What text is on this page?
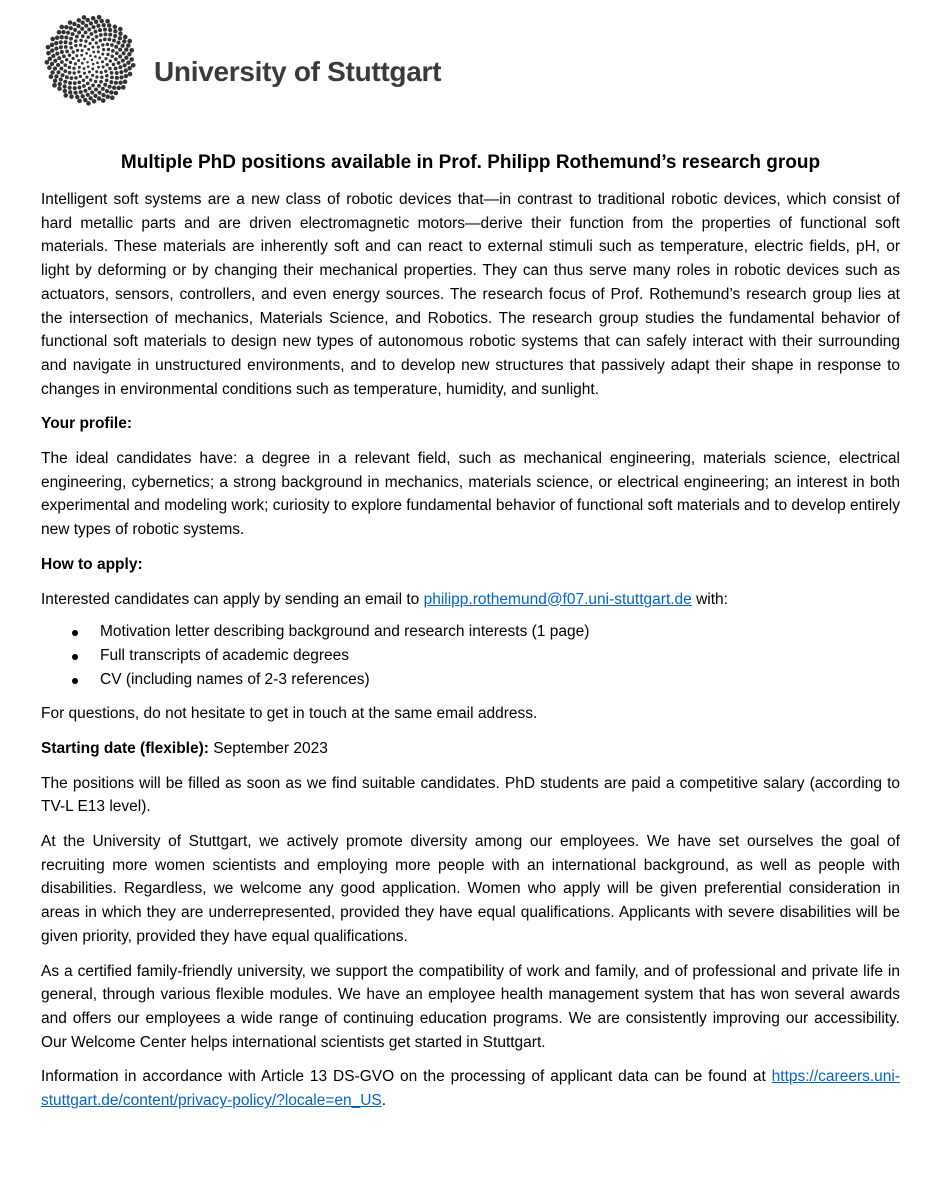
University of Stuttgart
Multiple PhD positions available in Prof. Philipp Rothemund’s research group

Intelligent soft systems are a new class of robotic devices that—in contrast to traditional robotic devices, which consist of hard metallic parts and are driven electromagnetic motors—derive their function from the properties of functional soft materials. These materials are inherently soft and can react to external stimuli such as temperature, electric fields, pH, or light by deforming or by changing their mechanical properties. They can thus serve many roles in robotic devices such as actuators, sensors, controllers, and even energy sources. The research focus of Prof. Rothemund’s research group lies at the intersection of mechanics, Materials Science, and Robotics. The research group studies the fundamental behavior of functional soft materials to design new types of autonomous robotic systems that can safely interact with their surrounding and navigate in unstructured environments, and to develop new structures that passively adapt their shape in response to changes in environmental conditions such as temperature, humidity, and sunlight.

Your profile:

The ideal candidates have: a degree in a relevant field, such as mechanical engineering, materials science, electrical engineering, cybernetics; a strong background in mechanics, materials science, or electrical engineering; an interest in both experimental and modeling work; curiosity to explore fundamental behavior of functional soft materials and to develop entirely new types of robotic systems.

How to apply:

Interested candidates can apply by sending an email to philipp.rothemund@f07.uni-stuttgart.de with:

Motivation letter describing background and research interests (1 page)
Full transcripts of academic degrees
CV (including names of 2-3 references)

For questions, do not hesitate to get in touch at the same email address.

Starting date (flexible): September 2023

The positions will be filled as soon as we find suitable candidates. PhD students are paid a competitive salary (according to TV-L E13 level).

At the University of Stuttgart, we actively promote diversity among our employees. We have set ourselves the goal of recruiting more women scientists and employing more people with an international background, as well as people with disabilities. Regardless, we welcome any good application. Women who apply will be given preferential consideration in areas in which they are underrepresented, provided they have equal qualifications. Applicants with severe disabilities will be given priority, provided they have equal qualifications.

As a certified family-friendly university, we support the compatibility of work and family, and of professional and private life in general, through various flexible modules. We have an employee health management system that has won several awards and offers our employees a wide range of continuing education programs. We are consistently improving our accessibility. Our Welcome Center helps international scientists get started in Stuttgart.

Information in accordance with Article 13 DS-GVO on the processing of applicant data can be found at https://careers.uni-stuttgart.de/content/privacy-policy/?locale=en_US.
